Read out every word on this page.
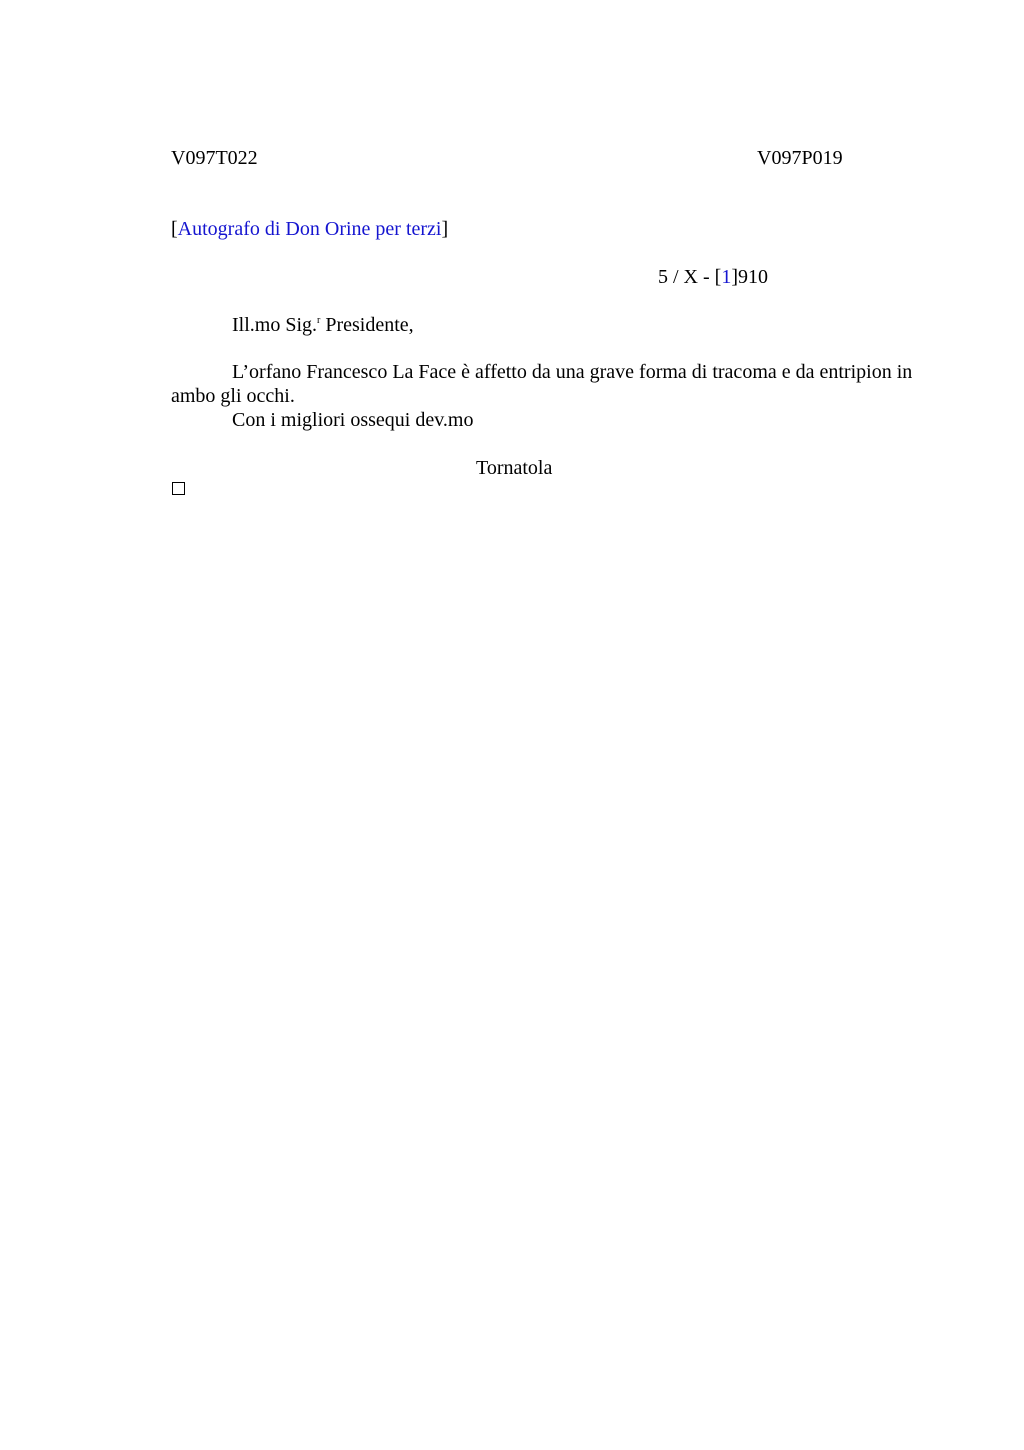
V097T022	V097P019
[Autografo di Don Orine per terzi]
5 / X - [1]910
Ill.mo Sig.$^r$ Presidente,
L’orfano Francesco La Face è affetto da una grave forma di tracoma e da entripion in ambo gli occhi.
Con i migliori ossequi dev.mo
Tornatola
